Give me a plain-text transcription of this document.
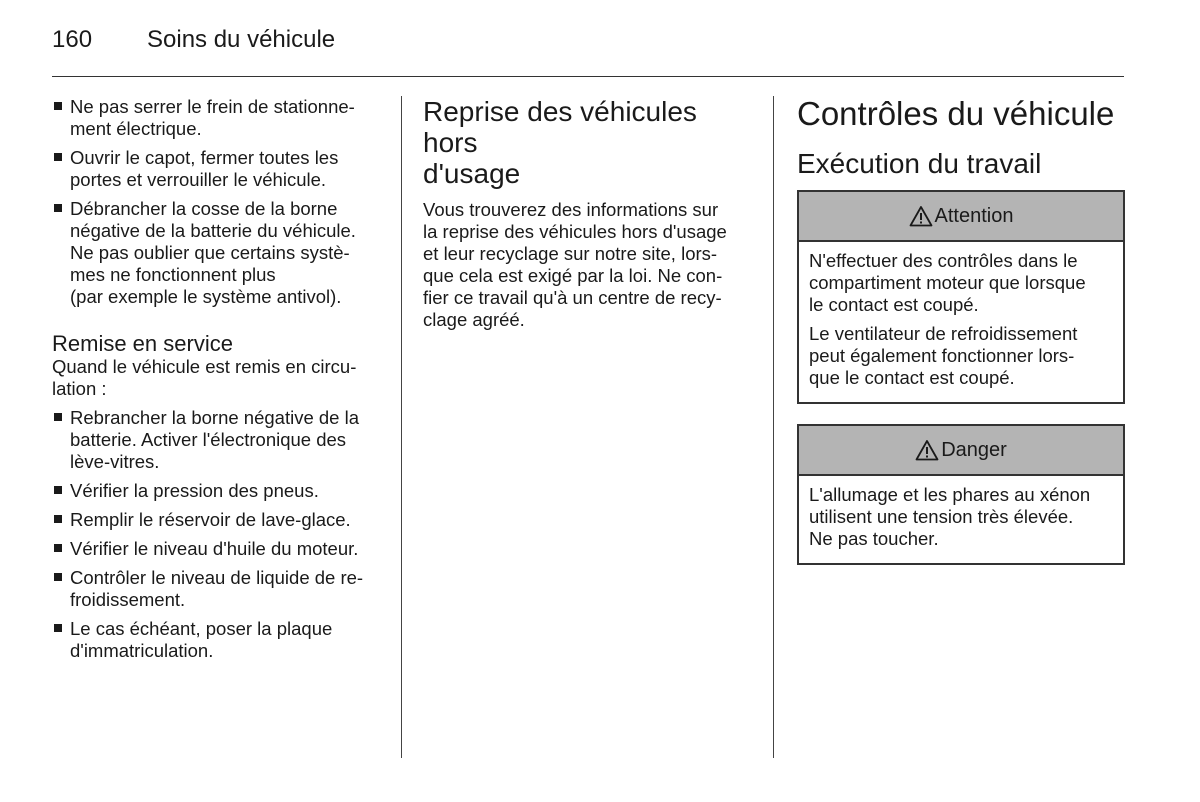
160 Soins du véhicule
Ne pas serrer le frein de stationne-
ment électrique.
Ouvrir le capot, fermer toutes les
portes et verrouiller le véhicule.
Débrancher la cosse de la borne
négative de la batterie du véhicule.
Ne pas oublier que certains systè-
mes ne fonctionnent plus
(par exemple le système antivol).
Remise en service
Quand le véhicule est remis en circu-
lation :
Rebrancher la borne négative de la
batterie. Activer l'électronique des
lève-vitres.
Vérifier la pression des pneus.
Remplir le réservoir de lave-glace.
Vérifier le niveau d'huile du moteur.
Contrôler le niveau de liquide de re-
froidissement.
Le cas échéant, poser la plaque
d'immatriculation.
Reprise des véhicules hors
d'usage
Vous trouverez des informations sur
la reprise des véhicules hors d'usage
et leur recyclage sur notre site, lors-
que cela est exigé par la loi. Ne con-
fier ce travail qu'à un centre de recy-
clage agréé.
Contrôles du véhicule
Exécution du travail
Attention

N'effectuer des contrôles dans le
compartiment moteur que lorsque
le contact est coupé.

Le ventilateur de refroidissement
peut également fonctionner lors-
que le contact est coupé.

Danger

L'allumage et les phares au xénon
utilisent une tension très élevée.
Ne pas toucher.
